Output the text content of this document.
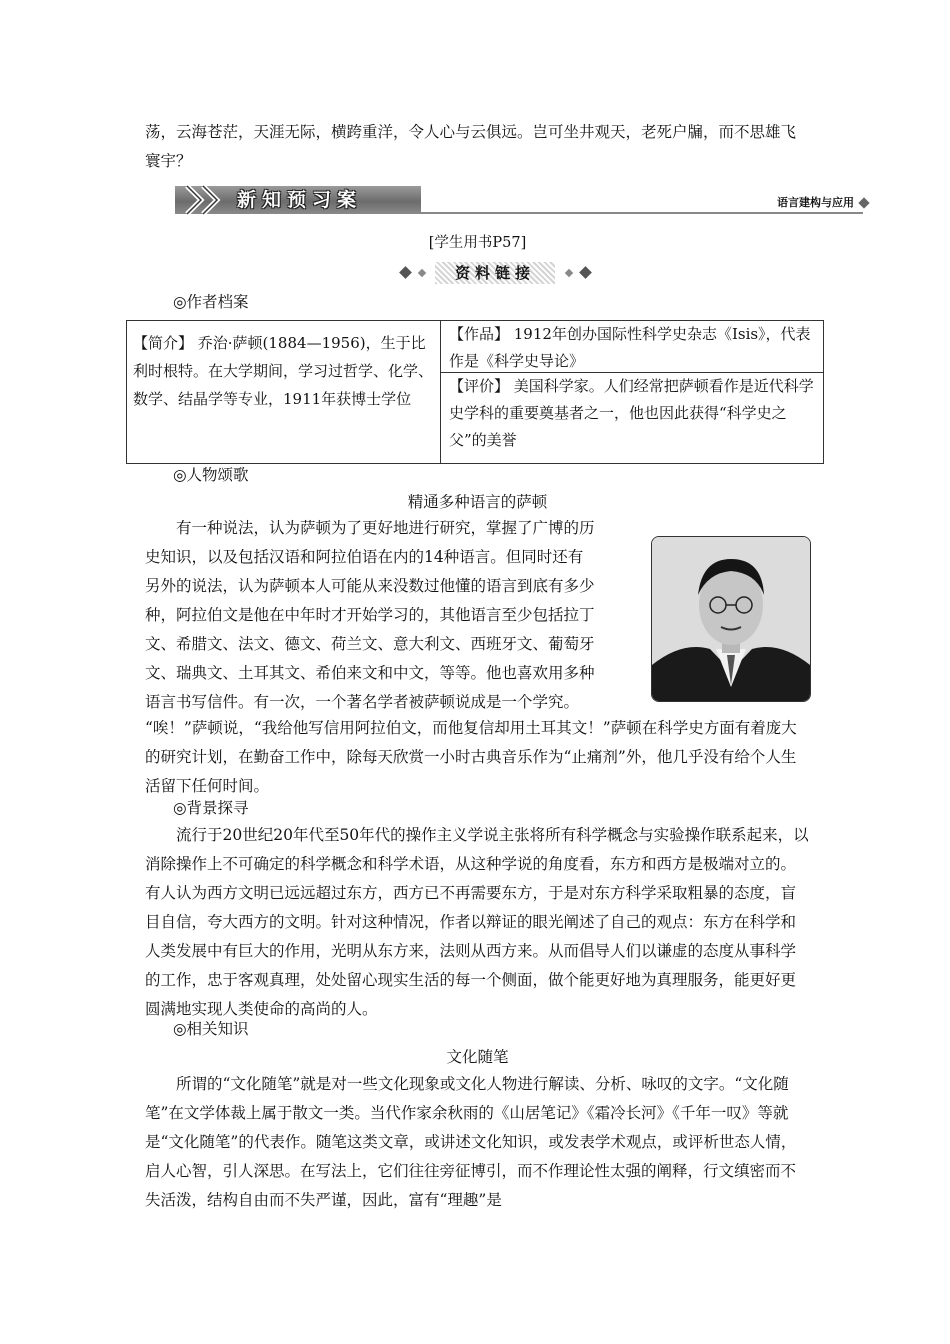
荡，云海苍茫，天涯无际，横跨重洋，令人心与云俱远。岂可坐井观天，老死户牖，而不思雄飞寰宇？

新知预习案	语言建构与应用
[学生用书P57]
资料链接
◎作者档案

【简介】 乔治·萨顿(1884—1956)，生于比利时根特。在大学期间，学习过哲学、化学、数学、结晶学等专业，1911年获博士学位

【作品】 1912年创办国际性科学史杂志《Isis》，代表作是《科学史导论》

【评价】 美国科学家。人们经常把萨顿看作是近代科学史学科的重要奠基者之一，他也因此获得“科学史之父”的美誉

◎人物颂歌
精通多种语言的萨顿
有一种说法，认为萨顿为了更好地进行研究，掌握了广博的历
史知识，以及包括汉语和阿拉伯语在内的14种语言。但同时还有
另外的说法，认为萨顿本人可能从来没数过他懂的语言到底有多少
种，阿拉伯文是他在中年时才开始学习的，其他语言至少包括拉丁
文、希腊文、法文、德文、荷兰文、意大利文、西班牙文、葡萄牙
文、瑞典文、土耳其文、希伯来文和中文，等等。他也喜欢用多种
语言书写信件。有一次，一个著名学者被萨顿说成是一个学究。

“唉！”萨顿说，“我给他写信用阿拉伯文，而他复信却用土耳其文！”萨顿在科学史方面有着庞大的研究计划，在勤奋工作中，除每天欣赏一小时古典音乐作为“止痛剂”外，他几乎没有给个人生活留下任何时间。

◎背景探寻

流行于20世纪20年代至50年代的操作主义学说主张将所有科学概念与实验操作联系起来，以消除操作上不可确定的科学概念和科学术语，从这种学说的角度看，东方和西方是极端对立的。有人认为西方文明已远远超过东方，西方已不再需要东方，于是对东方科学采取粗暴的态度，盲目自信，夸大西方的文明。针对这种情况，作者以辩证的眼光阐述了自己的观点：东方在科学和人类发展中有巨大的作用，光明从东方来，法则从西方来。从而倡导人们以谦虚的态度从事科学的工作，忠于客观真理，处处留心现实生活的每一个侧面，做个能更好地为真理服务，能更好更圆满地实现人类使命的高尚的人。

◎相关知识
文化随笔

所谓的“文化随笔”就是对一些文化现象或文化人物进行解读、分析、咏叹的文字。“文化随笔”在文学体裁上属于散文一类。当代作家余秋雨的《山居笔记》《霜冷长河》《千年一叹》等就是“文化随笔”的代表作。随笔这类文章，或讲述文化知识，或发表学术观点，或评析世态人情，启人心智，引人深思。在写法上，它们往往旁征博引，而不作理论性太强的阐释，行文缜密而不失活泼，结构自由而不失严谨，因此，富有“理趣”是
